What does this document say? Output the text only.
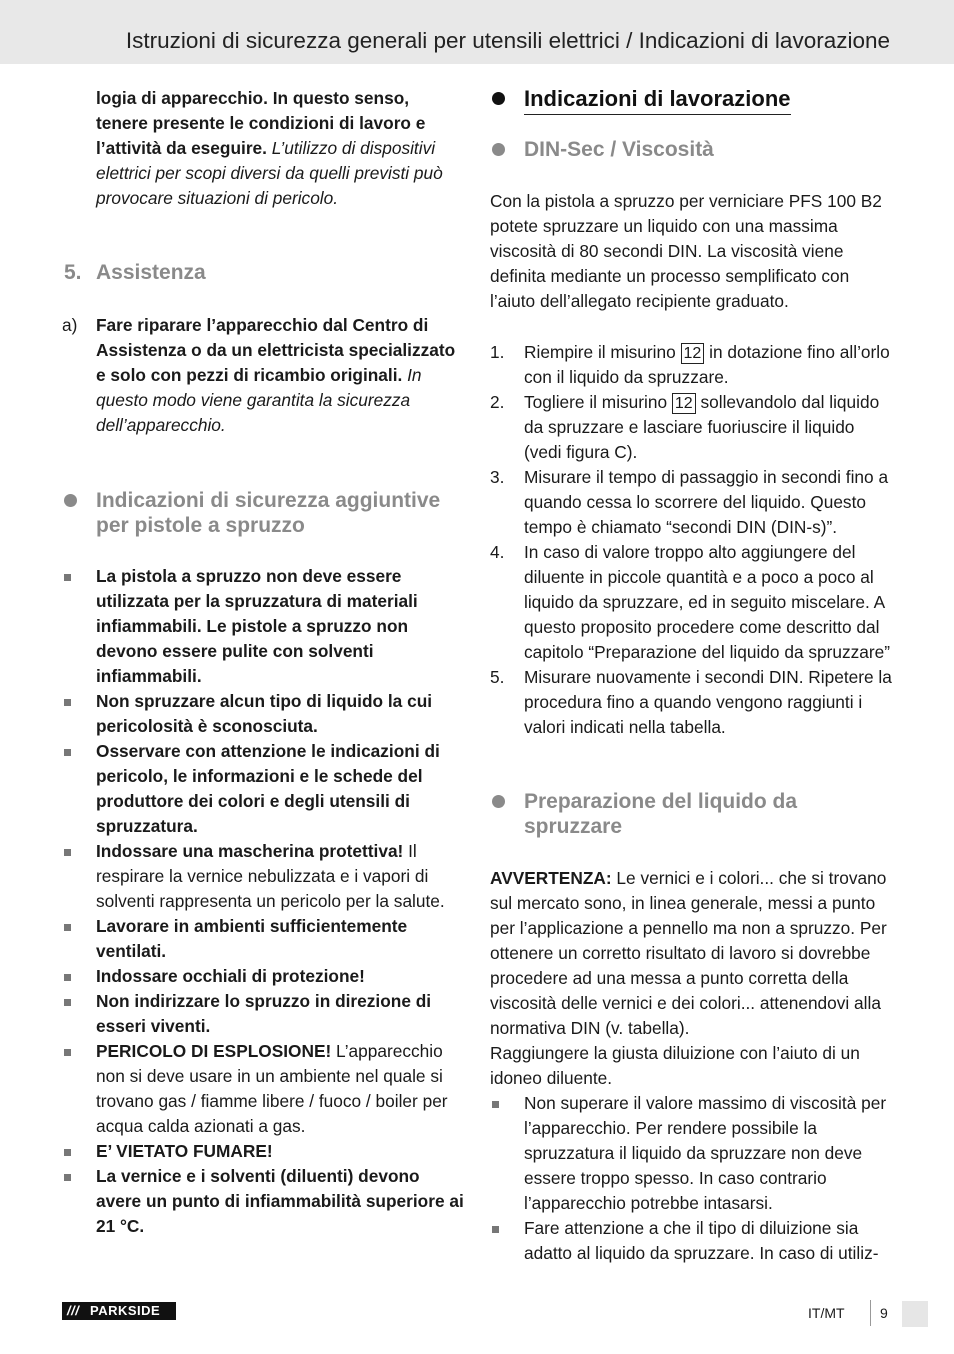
Istruzioni di sicurezza generali per utensili elettrici / Indicazioni di lavorazione

logia di apparecchio. In questo senso, tenere presente le condizioni di lavoro e l’attività da eseguire. L’utilizzo di dispositivi elettrici per scopi diversi da quelli previsti può provocare situazioni di pericolo.

5. Assistenza
a) Fare riparare l’apparecchio dal Centro di Assistenza o da un elettricista specializzato e solo con pezzi di ricambio originali. In questo modo viene garantita la sicurezza dell’apparecchio.
Indicazioni di sicurezza aggiuntive per pistole a spruzzo
La pistola a spruzzo non deve essere utilizzata per la spruzzatura di materiali infiammabili. Le pistole a spruzzo non devono essere pulite con solventi infiammabili.
Non spruzzare alcun tipo di liquido la cui pericolosità è sconosciuta.
Osservare con attenzione le indicazioni di pericolo, le informazioni e le schede del produttore dei colori e degli utensili di spruzzatura.
Indossare una mascherina protettiva! Il respirare la vernice nebulizzata e i vapori di solventi rappresenta un pericolo per la salute.
Lavorare in ambienti sufficientemente ventilati.
Indossare occhiali di protezione!
Non indirizzare lo spruzzo in direzione di esseri viventi.
PERICOLO DI ESPLOSIONE! L’apparecchio non si deve usare in un ambiente nel quale si trovano gas / fiamme libere / fuoco / boiler per acqua calda azionati a gas.
E’ VIETATO FUMARE!
La vernice e i solventi (diluenti) devono avere un punto di infiammabilità superiore ai 21 °C.
Indicazioni di lavorazione
DIN-Sec / Viscosità

Con la pistola a spruzzo per verniciare PFS 100 B2 potete spruzzare un liquido con una massima viscosità di 80 secondi DIN. La viscosità viene definita mediante un processo semplificato con l’aiuto dell’allegato recipiente graduato.

1. Riempire il misurino 12 in dotazione fino all’orlo con il liquido da spruzzare.
2. Togliere il misurino 12 sollevandolo dal liquido da spruzzare e lasciare fuoriuscire il liquido (vedi figura C).
3. Misurare il tempo di passaggio in secondi fino a quando cessa lo scorrere del liquido. Questo tempo è chiamato “secondi DIN (DIN-s)”.
4. In caso di valore troppo alto aggiungere del diluente in piccole quantità e a poco a poco al liquido da spruzzare, ed in seguito miscelare. A questo proposito procedere come descritto dal capitolo “Preparazione del liquido da spruzzare”
5. Misurare nuovamente i secondi DIN. Ripetere la procedura fino a quando vengono raggiunti i valori indicati nella tabella.
Preparazione del liquido da spruzzare

AVVERTENZA: Le vernici e i colori... che si trovano sul mercato sono, in linea generale, messi a punto per l’applicazione a pennello ma non a spruzzo. Per ottenere un corretto risultato di lavoro si dovrebbe procedere ad una messa a punto corretta della viscosità delle vernici e dei colori... attenendovi alla normativa DIN (v. tabella).

Raggiungere la giusta diluizione con l’aiuto di un idoneo diluente.

Non superare il valore massimo di viscosità per l’apparecchio. Per rendere possibile la spruzzatura il liquido da spruzzare non deve essere troppo spesso. In caso contrario l’apparecchio potrebbe intasarsi.
Fare attenzione a che il tipo di diluizione sia adatto al liquido da spruzzare. In caso di utiliz-
/// PARKSIDE	IT/MT	9
